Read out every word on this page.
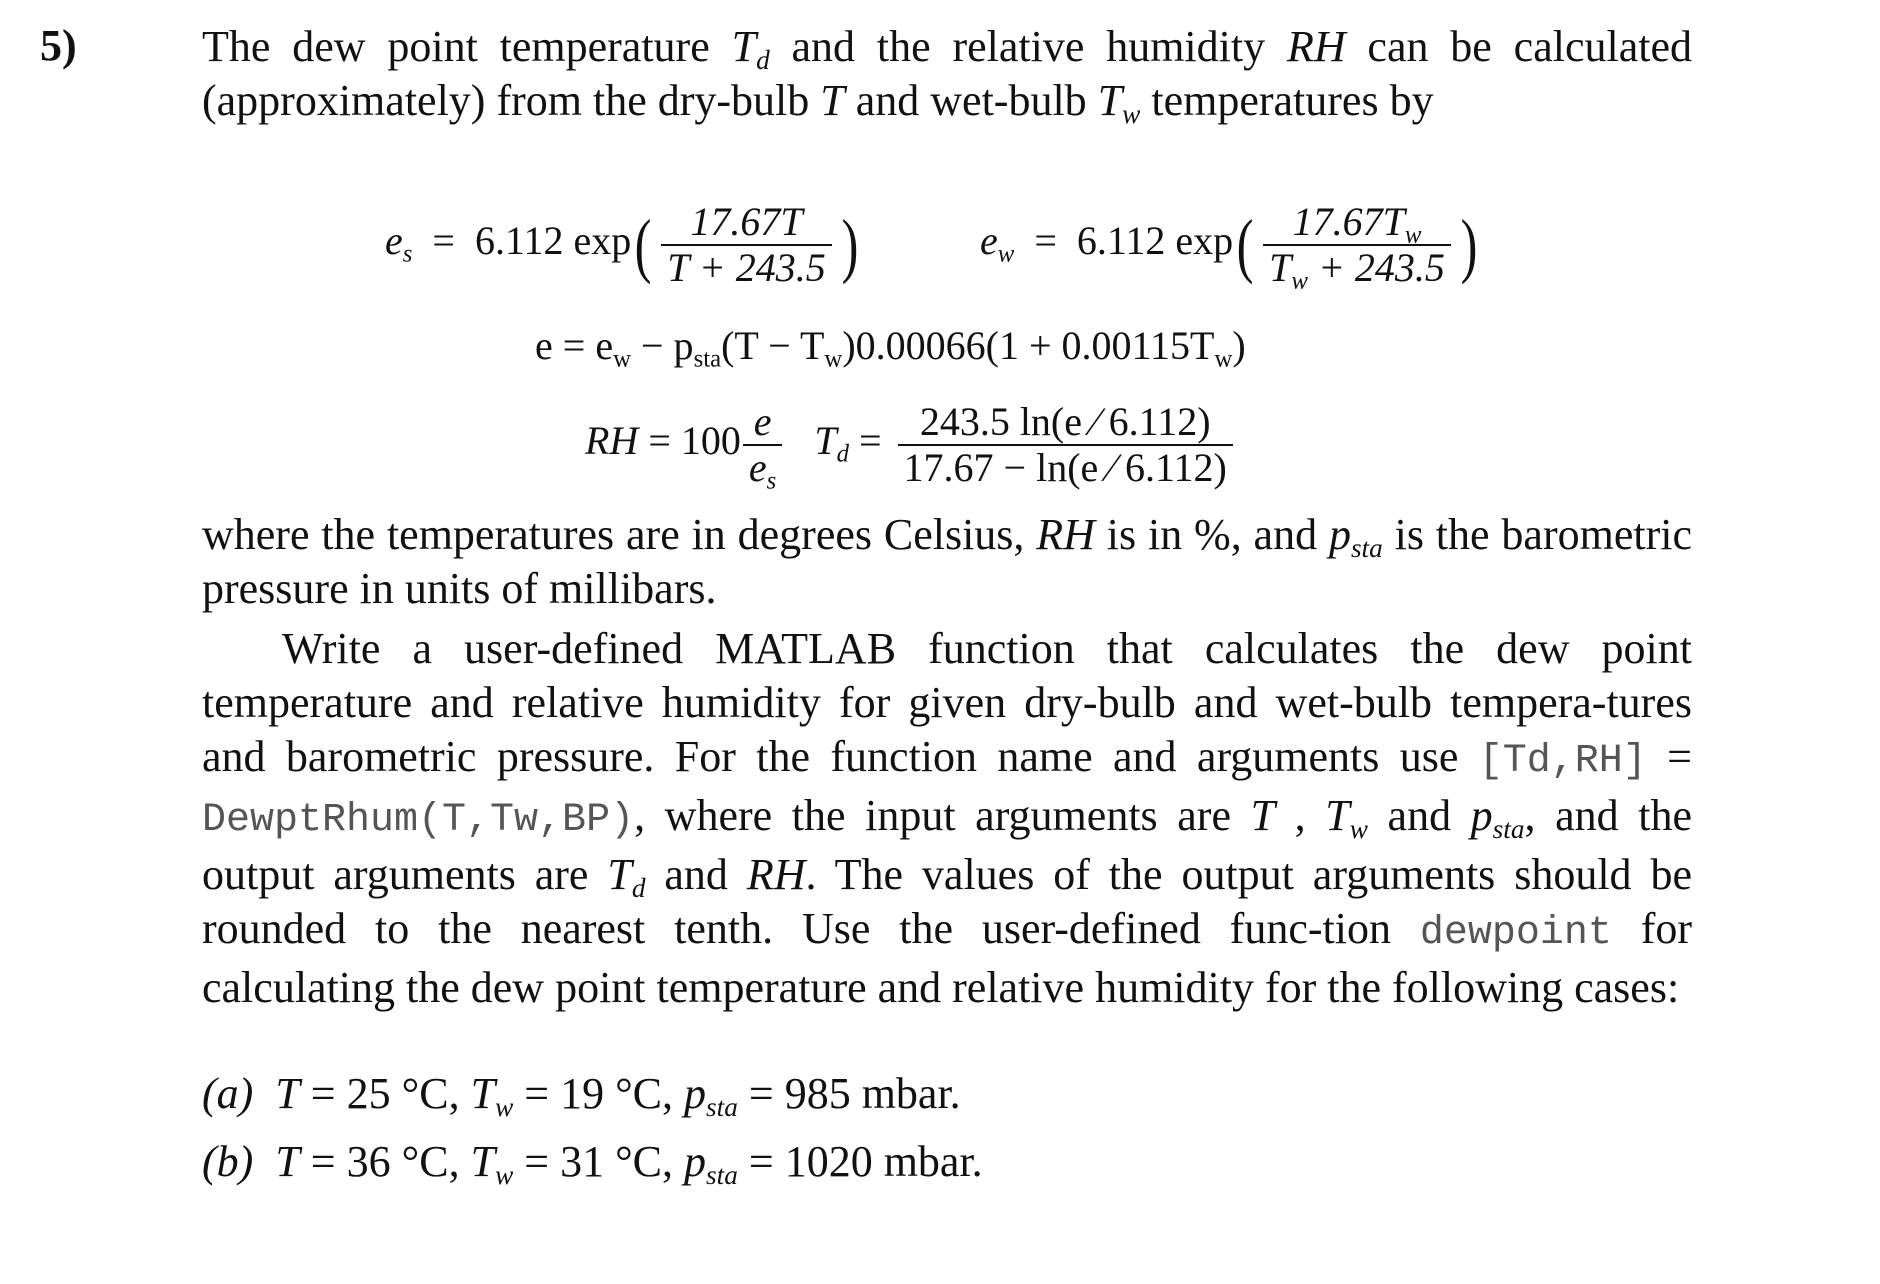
5)	The dew point temperature $T_d$ and the relative humidity RH can be calculated (approximately) from the dry-bulb T and wet-bulb $T_w$ temperatures by
$e_s = 6.112$ $\exp( \frac{17.67T}{T + 243.5}$ )	$e_w = 6.112$ $\exp( \frac{17.67T_w}{T_w + 243.5}$ )
$e = e_w - p_{sta}(T - T_w)0.00066(1 + 0.00115T_w)$
RH = $100 \frac{e}{e_s} T_d = \frac{243.5 \ln(e ⁄ 6.112)}{17.67 - \ln(e ⁄ 6.112)}$
where the temperatures are in degrees Celsius, RH is in %, and $p_{sta}$ is the barometric pressure in units of millibars.
Write a user-defined MATLAB function that calculates the dew point temperature and relative humidity for given dry-bulb and wet-bulb tempera-tures and barometric pressure. For the function name and arguments use [Td,RH] = DewptRhum(T,Tw,BP), where the input arguments are T , $T_w$ and $p_{sta}$, and the output arguments are $T_d$ and RH. The values of the output arguments should be rounded to the nearest tenth. Use the user-defined func-tion dewpoint for calculating the dew point temperature and relative humidity for the following cases:
(a) T = 25 °C, $T_w = 19$ °C, $p_{sta} = 985$ mbar.
(b) T = 36 °C, $T_w = 31$ °C, $p_{sta} = 1020$ mbar.
